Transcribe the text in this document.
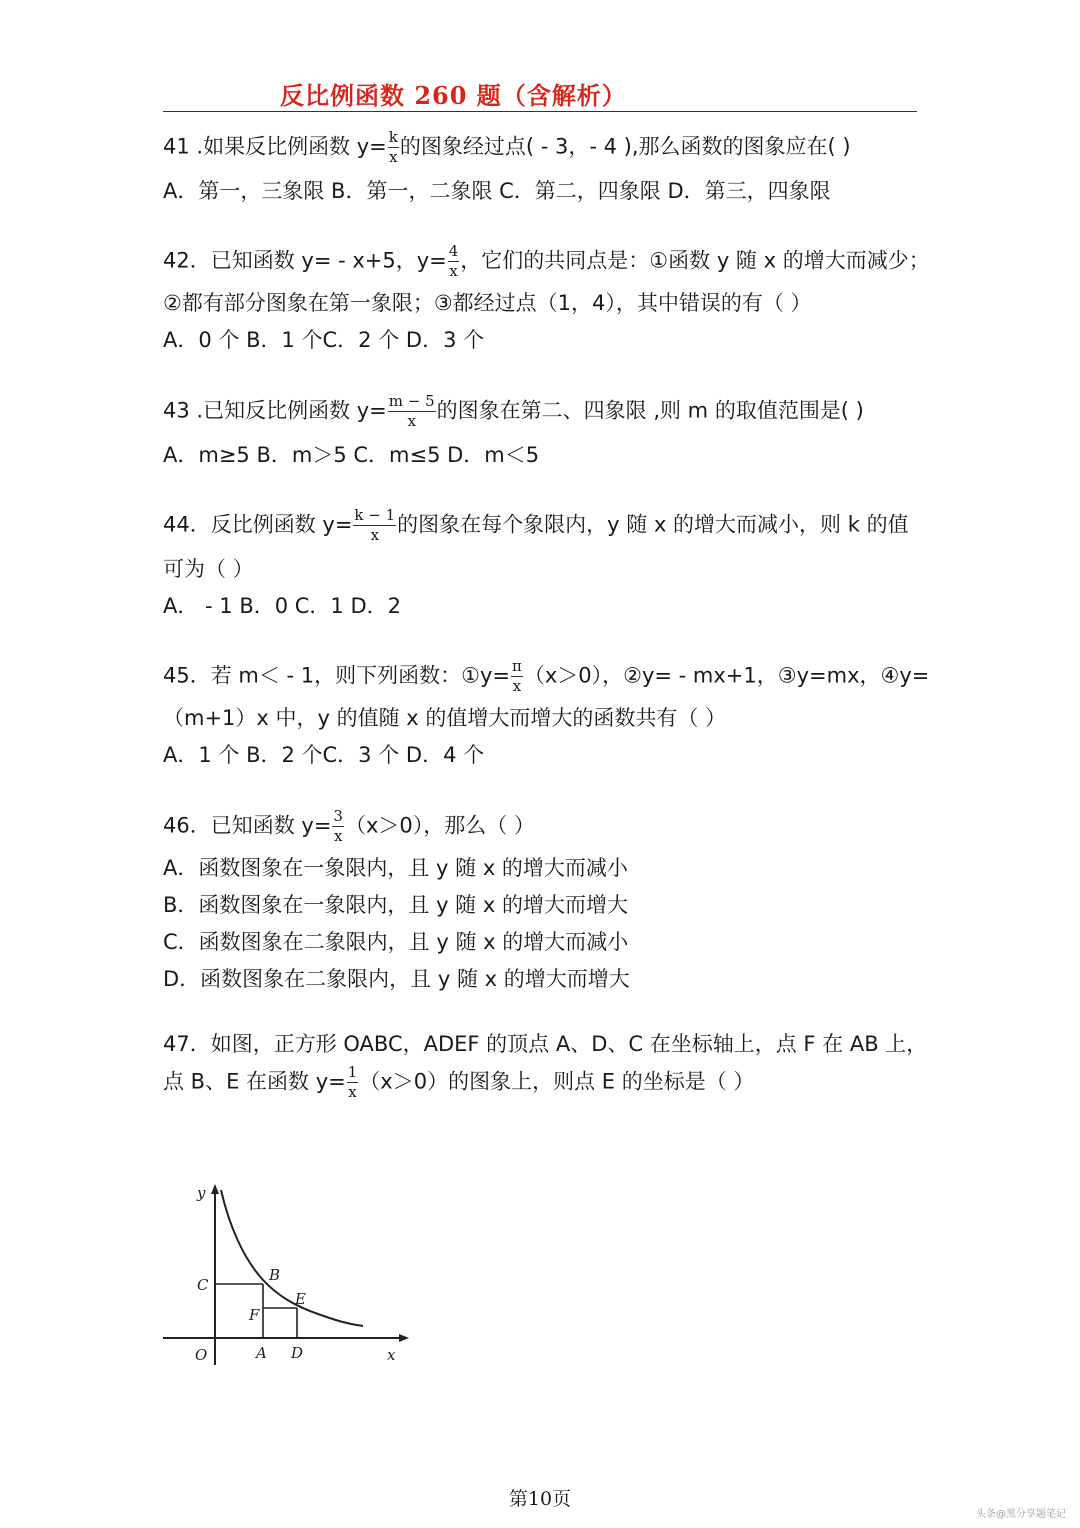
反比例函数 260 题（含解析）
41 .如果反比例函数 $y= \frac{k}{x}$ 的图象经过点( - 3，- 4 ),那么函数的图象应在( )
A．第一，三象限 B．第一，二象限 C．第二，四象限 D．第三，四象限
42．已知函数 y= - x+5，$y= \frac{4}{x}$ ，它们的共同点是：①函数 y 随 x 的增大而减少；
②都有部分图象在第一象限；③都经过点（1，4），其中错误的有（ ）
A．0 个 B．1 个C．2 个 D．3 个
43 .已知反比例函数 $y= \frac{m - 5}{x}$ 的图象在第二、四象限 ,则 m 的取值范围是( )
A．m≥5 B．m＞5 C．m≤5 D．m＜5
44．反比例函数 $y= \frac{k - 1}{x}$ 的图象在每个象限内，y 随 x 的增大而减小，则 k 的值
可为（ ）
A． - 1 B．0 C．1 D．2
45．若 m＜ - 1，则下列函数：①y= $\frac{\pi}{x} (x>0)$，②y= - mx+1，③y=mx，④y=
（m+1）x 中，y 的值随 x 的值增大而增大的函数共有（ ）
A．1 个 B．2 个C．3 个 D．4 个
46．已知函数 $y= \frac{3}{x} (x>0)$，那么（ ）
A．函数图象在一象限内，且 y 随 x 的增大而减小
B．函数图象在一象限内，且 y 随 x 的增大而增大
C．函数图象在二象限内，且 y 随 x 的增大而减小
D．函数图象在二象限内，且 y 随 x 的增大而增大
47．如图，正方形 OABC，ADEF 的顶点 A、D、C 在坐标轴上，点 F 在 AB 上，
点 B、E 在函数 $y= \frac{1}{x} (x>0)$的图象上，则点 E 的坐标是（ ）
y
x
O	A
B
C
D
E
F
第10页
头条@黑分享题笔记
